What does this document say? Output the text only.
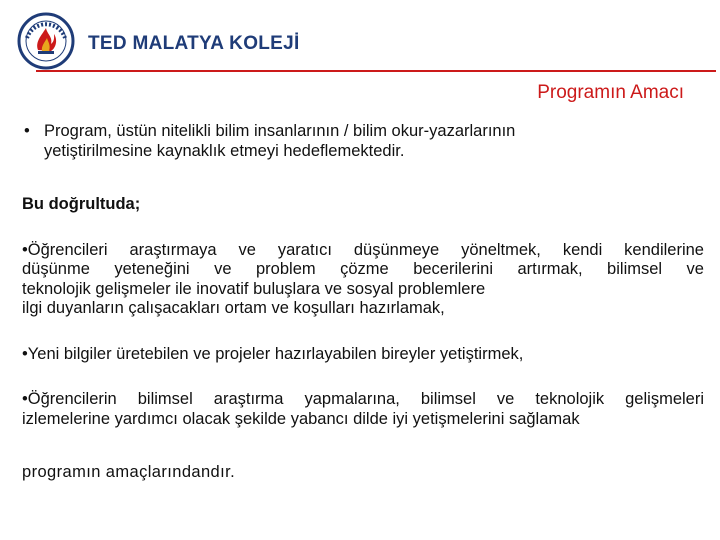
TED MALATYA KOLEJİ
Programın Amacı
• Program, üstün nitelikli bilim insanlarının / bilim okur-yazarlarının
yetiştirilmesine kaynaklık etmeyi hedeflemektedir.
Bu doğrultuda;
•Öğrencileri araştırmaya ve yaratıcı düşünmeye yöneltmek, kendi kendilerine
düşünme yeteneğini ve problem çözme becerilerini artırmak, bilimsel ve
teknolojik gelişmeler ile inovatif buluşlara ve sosyal problemlere
ilgi duyanların çalışacakları ortam ve koşulları hazırlamak,
•Yeni bilgiler üretebilen ve projeler hazırlayabilen bireyler yetiştirmek,
•Öğrencilerin bilimsel araştırma yapmalarına, bilimsel ve teknolojik gelişmeleri
izlemelerine yardımcı olacak şekilde yabancı dilde iyi yetişmelerini sağlamak
programın amaçlarındandır.
